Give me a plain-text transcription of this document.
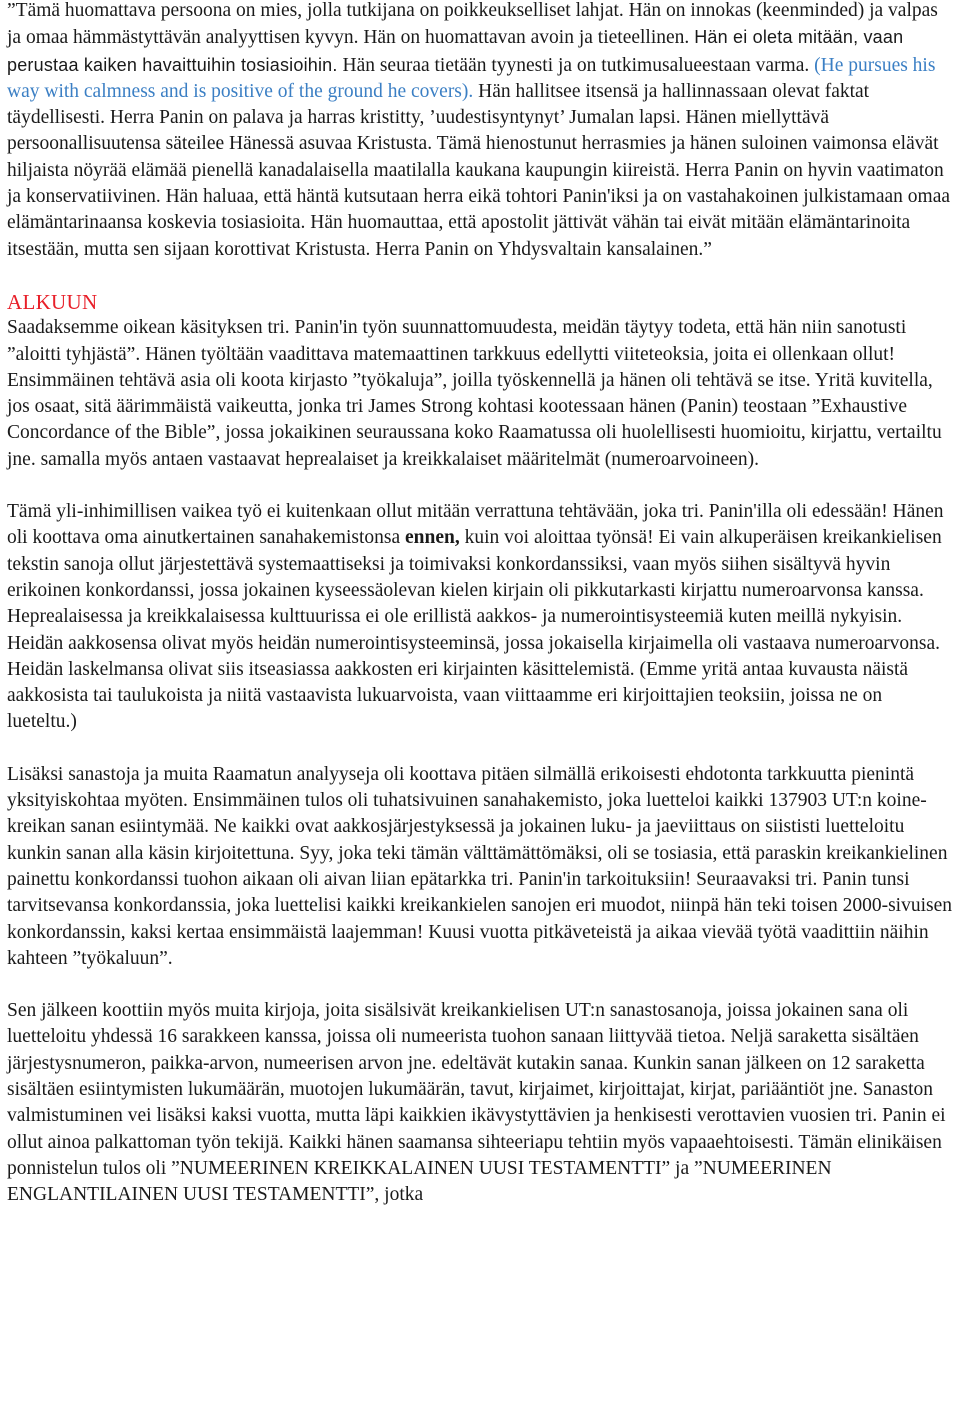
”Tämä huomattava persoona on mies, jolla tutkijana on poikkeukselliset lahjat. Hän on innokas (keenminded) ja valpas ja omaa hämmästyttävän analyyttisen kyvyn. Hän on huomattavan avoin ja tieteellinen. Hän ei oleta mitään, vaan perustaa kaiken havaittuihin tosiasioihin. Hän seuraa tietään tyynesti ja on tutkimusalueestaan varma. (He pursues his way with calmness and is positive of the ground he covers). Hän hallitsee itsensä ja hallinnassaan olevat faktat täydellisesti. Herra Panin on palava ja harras kristitty, ’uudestisyntynyt’ Jumalan lapsi. Hänen miellyttävä persoonallisuutensa säteilee Hänessä asuvaa Kristusta. Tämä hienostunut herrasmies ja hänen suloinen vaimonsa elävät hiljaista nöyrää elämää pienellä kanadalaisella maatilalla kaukana kaupungin kiireistä. Herra Panin on hyvin vaatimaton ja konservatiivinen. Hän haluaa, että häntä kutsutaan herra eikä tohtori Panin'iksi ja on vastahakoinen julkistamaan omaa elämäntarinaansa koskevia tosiasioita. Hän huomauttaa, että apostolit jättivät vähän tai eivät mitään elämäntarinoita itsestään, mutta sen sijaan korottivat Kristusta. Herra Panin on Yhdysvaltain kansalainen.”

ALKUUN

Saadaksemme oikean käsityksen tri. Panin'in työn suunnattomuudesta, meidän täytyy todeta, että hän niin sanotusti ”aloitti tyhjästä”. Hänen työltään vaadittava matemaattinen tarkkuus edellytti viiteteoksia, joita ei ollenkaan ollut! Ensimmäinen tehtävä asia oli koota kirjasto ”työkaluja”, joilla työskennellä ja hänen oli tehtävä se itse. Yritä kuvitella, jos osaat, sitä äärimmäistä vaikeutta, jonka tri James Strong kohtasi kootessaan hänen (Panin) teostaan ”Exhaustive Concordance of the Bible”, jossa jokaikinen seuraussana koko Raamatussa oli huolellisesti huomioitu, kirjattu, vertailtu jne. samalla myös antaen vastaavat heprealaiset ja kreikkalaiset määritelmät (numeroarvoineen).

Tämä yli-inhimillisen vaikea työ ei kuitenkaan ollut mitään verrattuna tehtävään, joka tri. Panin'illa oli edessään! Hänen oli koottava oma ainutkertainen sanahakemistonsa ennen, kuin voi aloittaa työnsä! Ei vain alkuperäisen kreikankielisen tekstin sanoja ollut järjestettävä systemaattiseksi ja toimivaksi konkordanssiksi, vaan myös siihen sisältyvä hyvin erikoinen konkordanssi, jossa jokainen kyseessäolevan kielen kirjain oli pikkutarkasti kirjattu numeroarvonsa kanssa. Heprealaisessa ja kreikkalaisessa kulttuurissa ei ole erillistä aakkos- ja numerointisysteemiä kuten meillä nykyisin. Heidän aakkosensa olivat myös heidän numerointisysteeminsä, jossa jokaisella kirjaimella oli vastaava numeroarvonsa. Heidän laskelmansa olivat siis itseasiassa aakkosten eri kirjainten käsittelemistä. (Emme yritä antaa kuvausta näistä aakkosista tai taulukoista ja niitä vastaavista lukuarvoista, vaan viittaamme eri kirjoittajien teoksiin, joissa ne on lueteltu.)

Lisäksi sanastoja ja muita Raamatun analyyseja oli koottava pitäen silmällä erikoisesti ehdotonta tarkkuutta pienintä yksityiskohtaa myöten. Ensimmäinen tulos oli tuhatsivuinen sanahakemisto, joka luetteloi kaikki 137903 UT:n koine-kreikan sanan esiintymää. Ne kaikki ovat aakkosjärjestyksessä ja jokainen luku- ja jaeviittaus on siististi luetteloitu kunkin sanan alla käsin kirjoitettuna. Syy, joka teki tämän välttämättömäksi, oli se tosiasia, että paraskin kreikankielinen painettu konkordanssi tuohon aikaan oli aivan liian epätarkka tri. Panin'in tarkoituksiin! Seuraavaksi tri. Panin tunsi tarvitsevansa konkordanssia, joka luettelisi kaikki kreikankielen sanojen eri muodot, niinpä hän teki toisen 2000-sivuisen konkordanssin, kaksi kertaa ensimmäistä laajemman! Kuusi vuotta pitkäveteistä ja aikaa vievää työtä vaadittiin näihin kahteen ”työkaluun”.

Sen jälkeen koottiin myös muita kirjoja, joita sisälsivät kreikankielisen UT:n sanastosanoja, joissa jokainen sana oli luetteloitu yhdessä 16 sarakkeen kanssa, joissa oli numeerista tuohon sanaan liittyvää tietoa. Neljä saraketta sisältäen järjestysnumeron, paikka-arvon, numeerisen arvon jne. edeltävät kutakin sanaa. Kunkin sanan jälkeen on 12 saraketta sisältäen esiintymisten lukumäärän, muotojen lukumäärän, tavut, kirjaimet, kirjoittajat, kirjat, pariääntiöt jne. Sanaston valmistuminen vei lisäksi kaksi vuotta, mutta läpi kaikkien ikävystyttävien ja henkisesti verottavien vuosien tri. Panin ei ollut ainoa palkattoman työn tekijä. Kaikki hänen saamansa sihteeriapu tehtiin myös vapaaehtoisesti. Tämän elinikäisen ponnistelun tulos oli ”NUMEERINEN KREIKKALAINEN UUSI TESTAMENTTI” ja ”NUMEERINEN ENGLANTILAINEN UUSI TESTAMENTTI”, jotka
